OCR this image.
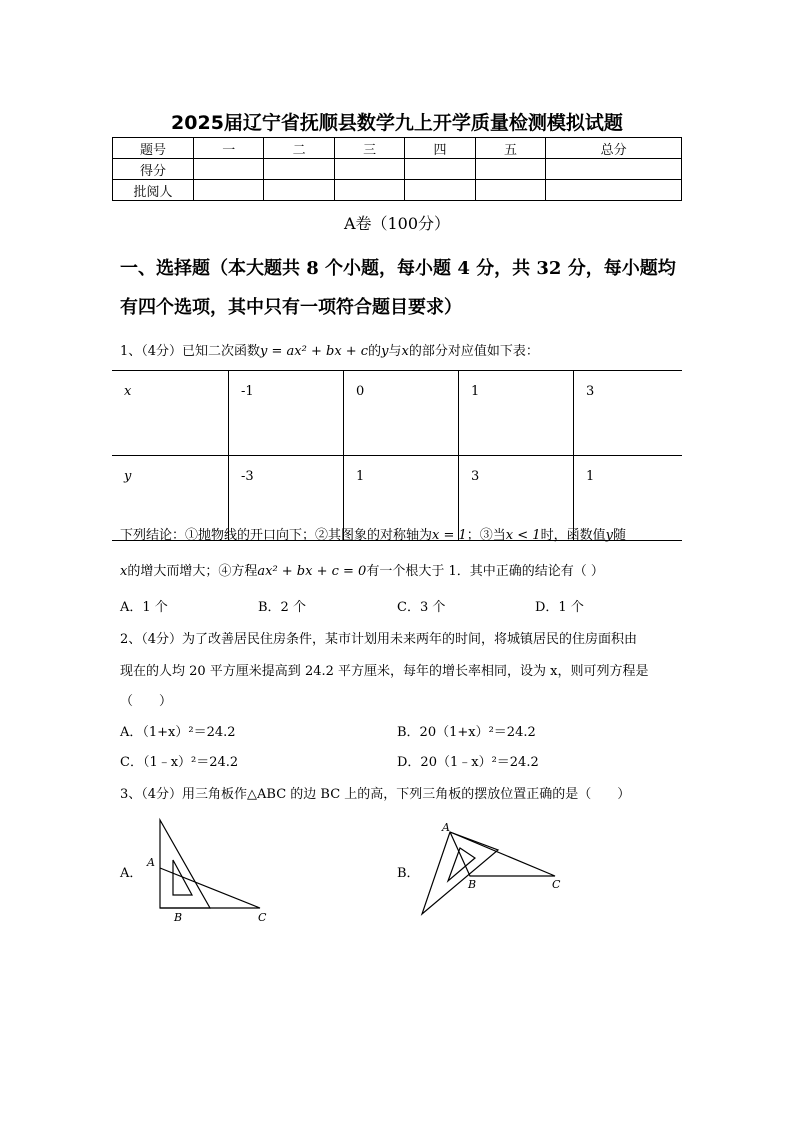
2025届辽宁省抚顺县数学九上开学质量检测模拟试题
题号	一	二	三	四	五	总分
得分						
批阅人						
A卷（100分）
一、选择题（本大题共 8 个小题，每小题 4 分，共 32 分，每小题均
有四个选项，其中只有一项符合题目要求）
1、（4分）已知二次函数y = ax² + bx + c的y与x的部分对应值如下表：
x	-1	0	1	3
y	-3	1	3	1
下列结论：①抛物线的开口向下；②其图象的对称轴为x = 1；③当x < 1时，函数值y随
x的增大而增大；④方程ax² + bx + c = 0有一个根大于 1．其中正确的结论有（ ）
A．1 个	B．2 个	C．3 个	D．1 个
2、（4分）为了改善居民住房条件，某市计划用未来两年的时间，将城镇居民的住房面积由
现在的人均 20 平方厘米提高到 24.2 平方厘米，每年的增长率相同，设为 x，则可列方程是
（　　）
A．（1+x）²＝24.2	B．20（1+x）²＝24.2
C．（1﹣x）²＝24.2	D．20（1﹣x）²＝24.2
3、（4分）用三角板作△ABC 的边 BC 上的高，下列三角板的摆放位置正确的是（　　）
A．
A
B	C
B．
A
B	C
